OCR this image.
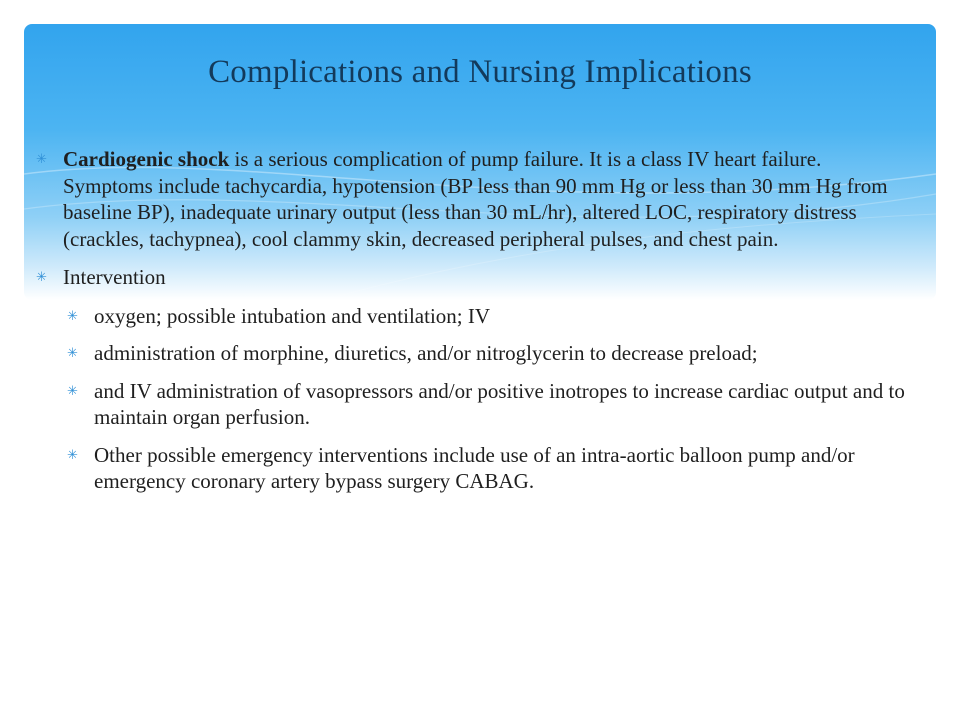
Complications and Nursing Implications

✳ Cardiogenic shock is a serious complication of pump failure. It is a class IV heart failure. Symptoms include tachycardia, hypotension (BP less than 90 mm Hg or less than 30 mm Hg from baseline BP), inadequate urinary output (less than 30 mL/hr), altered LOC, respiratory distress (crackles, tachypnea), cool clammy skin, decreased peripheral pulses, and chest pain.

✳ Intervention

✳ oxygen; possible intubation and ventilation; IV

✳ administration of morphine, diuretics, and/or nitroglycerin to decrease preload;

✳ and IV administration of vasopressors and/or positive inotropes to increase cardiac output and to maintain organ perfusion.

✳ Other possible emergency interventions include use of an intra-aortic balloon pump and/or emergency coronary artery bypass surgery CABAG.
